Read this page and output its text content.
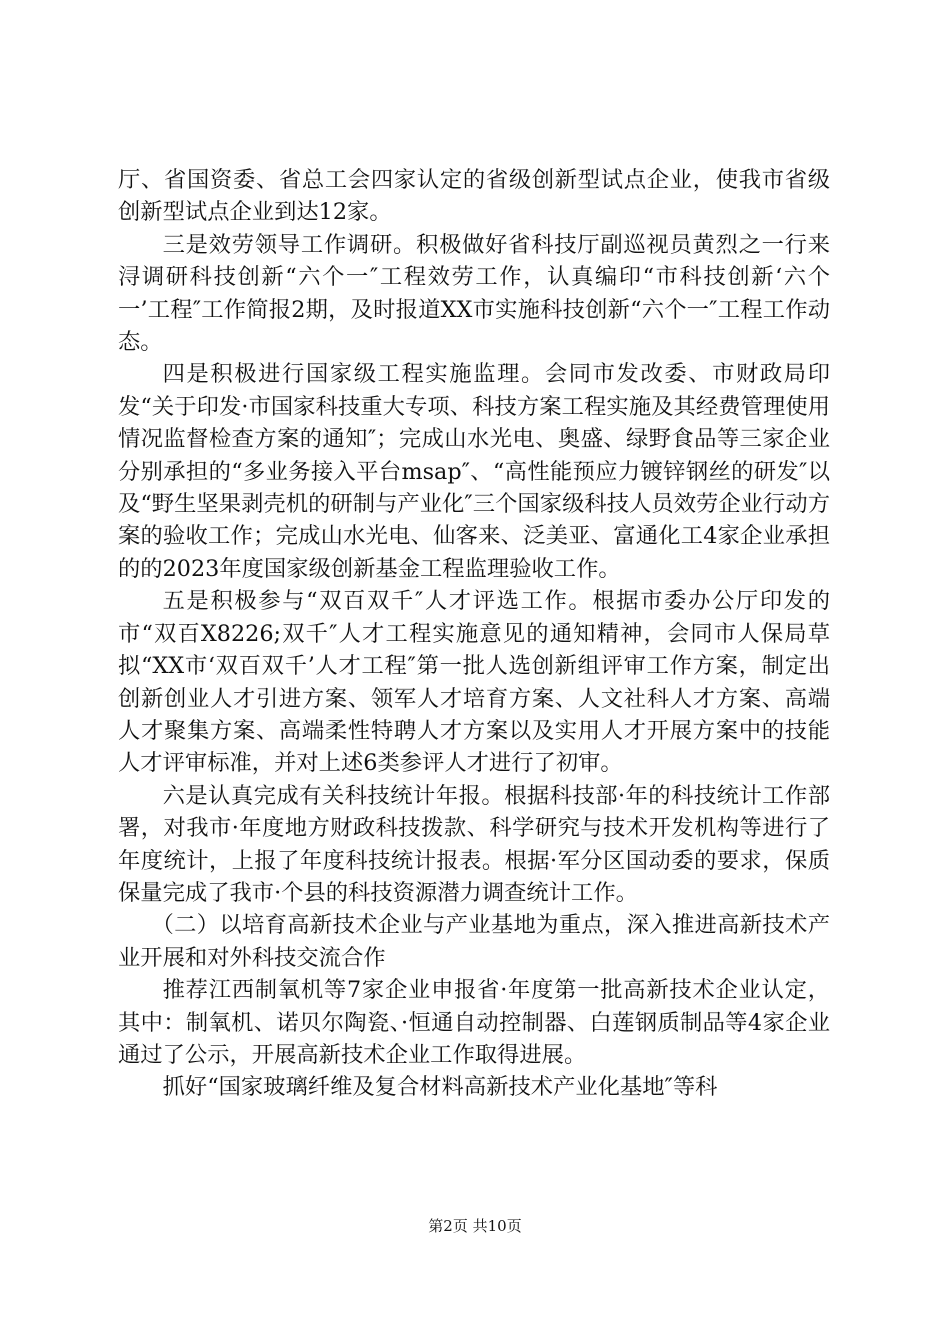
厅、省国资委、省总工会四家认定的省级创新型试点企业，使我市省级创新型试点企业到达12家。

三是效劳领导工作调研。积极做好省科技厅副巡视员黄烈之一行来浔调研科技创新“六个一″工程效劳工作，认真编印“市科技创新‘六个一’工程″工作简报2期，及时报道XX市实施科技创新“六个一″工程工作动态。

四是积极进行国家级工程实施监理。会同市发改委、市财政局印发“关于印发·市国家科技重大专项、科技方案工程实施及其经费管理使用情况监督检查方案的通知″；完成山水光电、奥盛、绿野食品等三家企业分别承担的“多业务接入平台msap″、“高性能预应力镀锌钢丝的研发″以及“野生坚果剥壳机的研制与产业化″三个国家级科技人员效劳企业行动方案的验收工作；完成山水光电、仙客来、泛美亚、富通化工4家企业承担的的2023年度国家级创新基金工程监理验收工作。

五是积极参与“双百双千″人才评选工作。根据市委办公厅印发的市“双百X8226;双千″人才工程实施意见的通知精神，会同市人保局草拟“XX市‘双百双千’人才工程″第一批人选创新组评审工作方案，制定出创新创业人才引进方案、领军人才培育方案、人文社科人才方案、高端人才聚集方案、高端柔性特聘人才方案以及实用人才开展方案中的技能人才评审标准，并对上述6类参评人才进行了初审。

六是认真完成有关科技统计年报。根据科技部·年的科技统计工作部署，对我市·年度地方财政科技拨款、科学研究与技术开发机构等进行了年度统计，上报了年度科技统计报表。根据·军分区国动委的要求，保质保量完成了我市·个县的科技资源潜力调查统计工作。

（二）以培育高新技术企业与产业基地为重点，深入推进高新技术产业开展和对外科技交流合作

推荐江西制氧机等7家企业申报省·年度第一批高新技术企业认定，其中：制氧机、诺贝尔陶瓷、·恒通自动控制器、白莲钢质制品等4家企业通过了公示，开展高新技术企业工作取得进展。

抓好“国家玻璃纤维及复合材料高新技术产业化基地″等科

第2页 共10页
